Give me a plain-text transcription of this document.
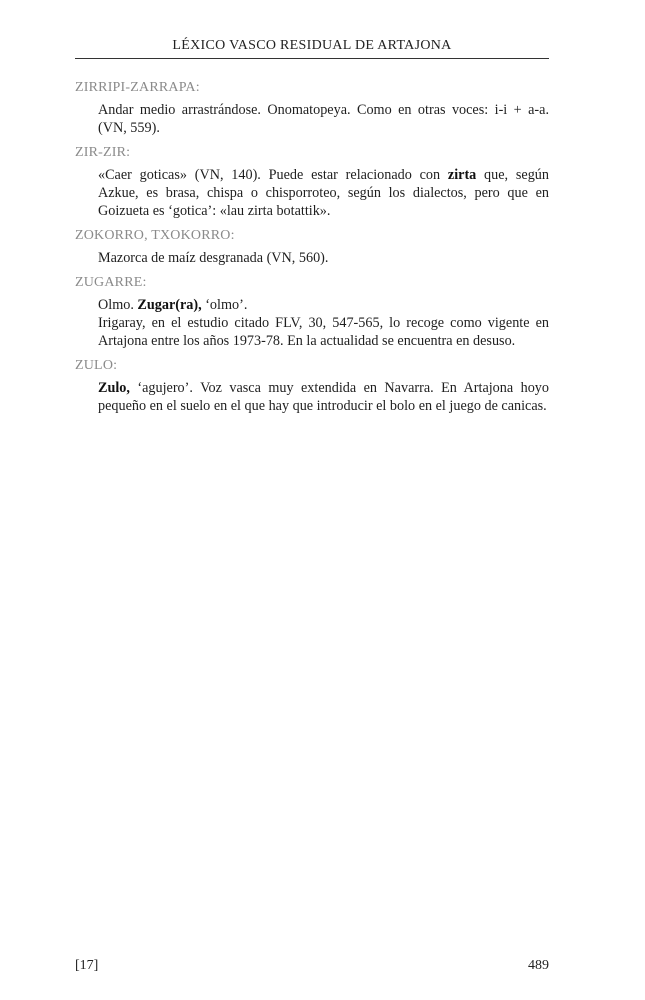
LÉXICO VASCO RESIDUAL DE ARTAJONA
ZIRRIPI-ZARRAPA:

Andar medio arrastrándose. Onomatopeya. Como en otras voces: i-i + a-a. (VN, 559).

ZIR-ZIR:

«Caer goticas» (VN, 140). Puede estar relacionado con zirta que, según Azkue, es brasa, chispa o chisporroteo, según los dialectos, pero que en Goizueta es ‘gotica’: «lau zirta botattik».

ZOKORRO, TXOKORRO:

Mazorca de maíz desgranada (VN, 560).

ZUGARRE:

Olmo. Zugar(ra), ‘olmo’.

Irigaray, en el estudio citado FLV, 30, 547-565, lo recoge como vigente en Artajona entre los años 1973-78. En la actualidad se encuentra en desuso.

ZULO:

Zulo, ‘agujero’. Voz vasca muy extendida en Navarra. En Artajona hoyo pequeño en el suelo en el que hay que introducir el bolo en el juego de canicas.

[17]	489
